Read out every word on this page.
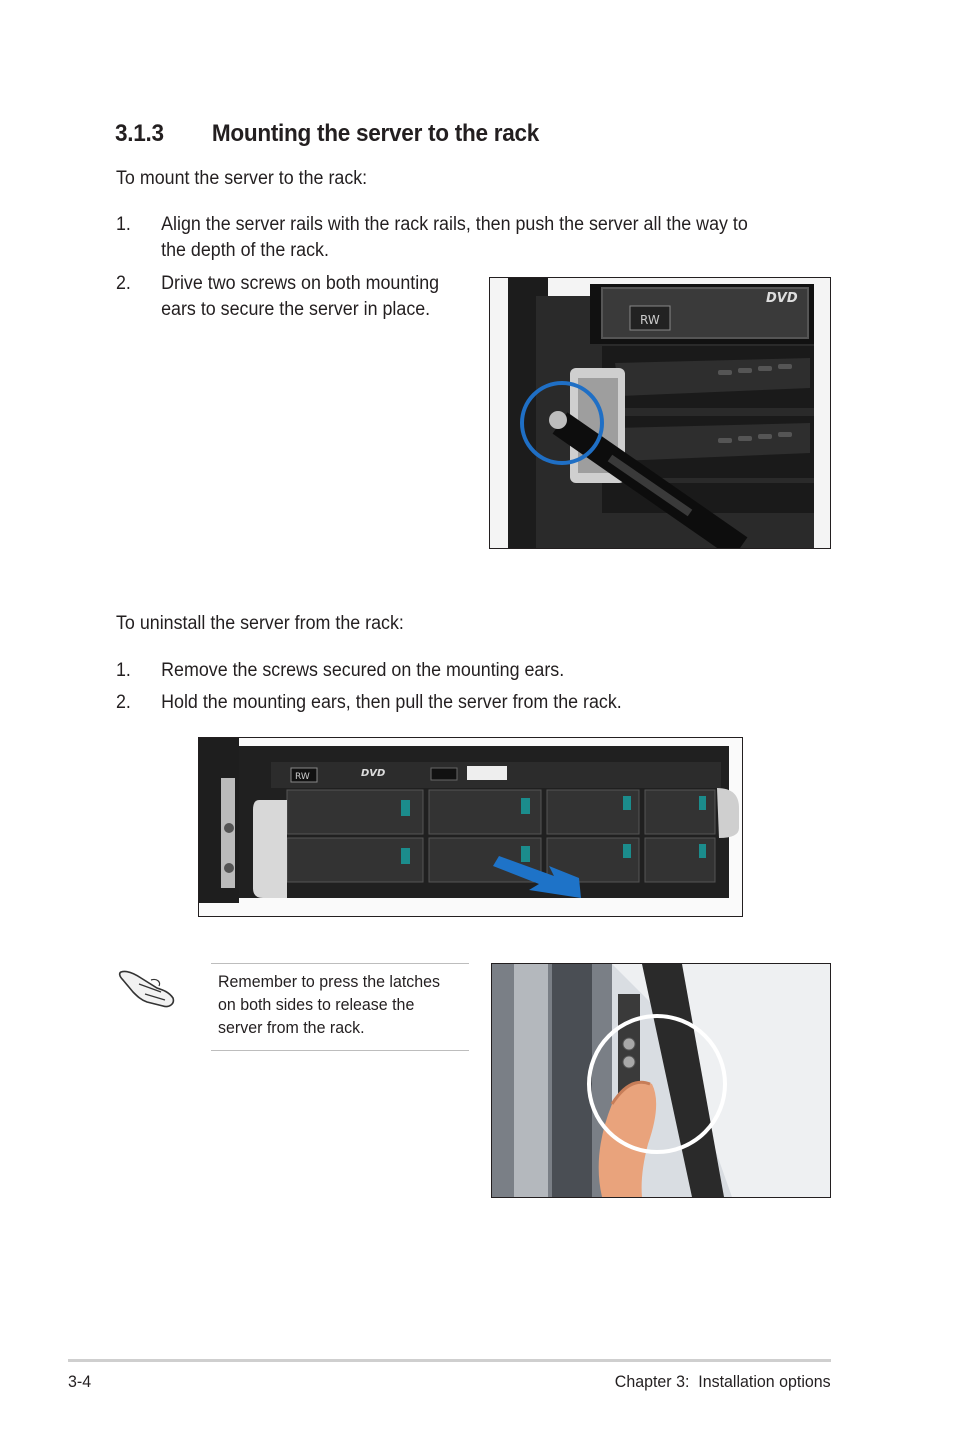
3.1.3 Mounting the server to the rack
To mount the server to the rack:
1. Align the server rails with the rack rails, then push the server all the way to
the depth of the rack.
2. Drive two screws on both mounting
ears to secure the server in place.	RW
DVD
To uninstall the server from the rack:
1. Remove the screws secured on the mounting ears.
2. Hold the mounting ears, then pull the server from the rack.
RW	DVD
Remember to press the latches
on both sides to release the
server from the rack.
3-4	Chapter 3:  Installation options
